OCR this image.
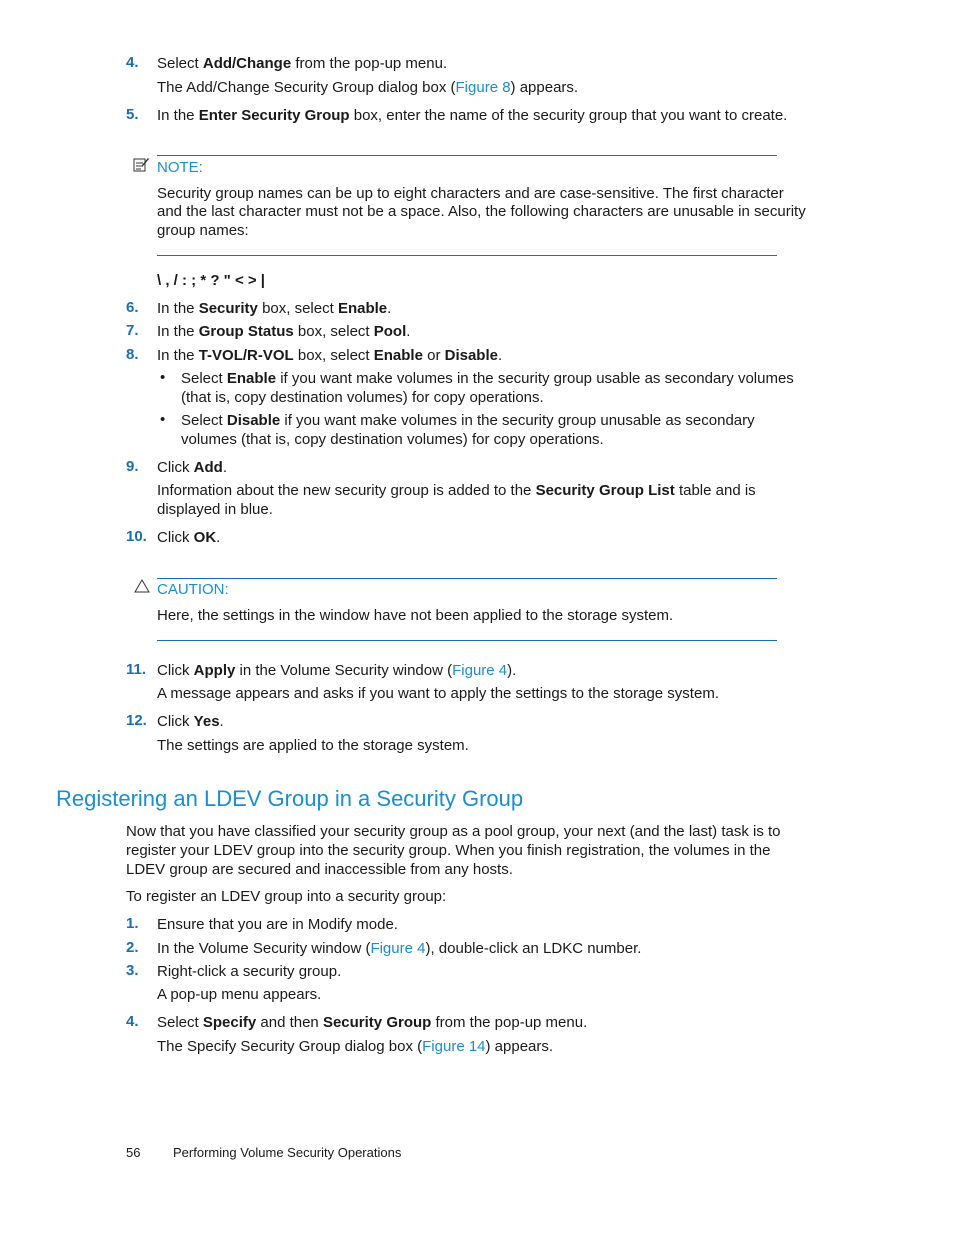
4. Select Add/Change from the pop-up menu.
The Add/Change Security Group dialog box (Figure 8) appears.
5. In the Enter Security Group box, enter the name of the security group that you want to create.
NOTE:
Security group names can be up to eight characters and are case-sensitive. The first character
and the last character must not be a space. Also, the following characters are unusable in security
group names:
\ , / : ; * ? " < > |
6. In the Security box, select Enable.
7. In the Group Status box, select Pool.
8. In the T-VOL/R-VOL box, select Enable or Disable.
• Select Enable if you want make volumes in the security group usable as secondary volumes (that is, copy destination volumes) for copy operations.
• Select Disable if you want make volumes in the security group unusable as secondary volumes (that is, copy destination volumes) for copy operations.
9. Click Add.
Information about the new security group is added to the Security Group List table and is displayed in blue.
10. Click OK.
CAUTION:
Here, the settings in the window have not been applied to the storage system.
11. Click Apply in the Volume Security window (Figure 4).
A message appears and asks if you want to apply the settings to the storage system.
12. Click Yes.
The settings are applied to the storage system.
Registering an LDEV Group in a Security Group
Now that you have classified your security group as a pool group, your next (and the last) task is to register your LDEV group into the security group. When you finish registration, the volumes in the LDEV group are secured and inaccessible from any hosts.
To register an LDEV group into a security group:
1. Ensure that you are in Modify mode.
2. In the Volume Security window (Figure 4), double-click an LDKC number.
3. Right-click a security group.
A pop-up menu appears.
4. Select Specify and then Security Group from the pop-up menu.
The Specify Security Group dialog box (Figure 14) appears.
56	Performing Volume Security Operations
